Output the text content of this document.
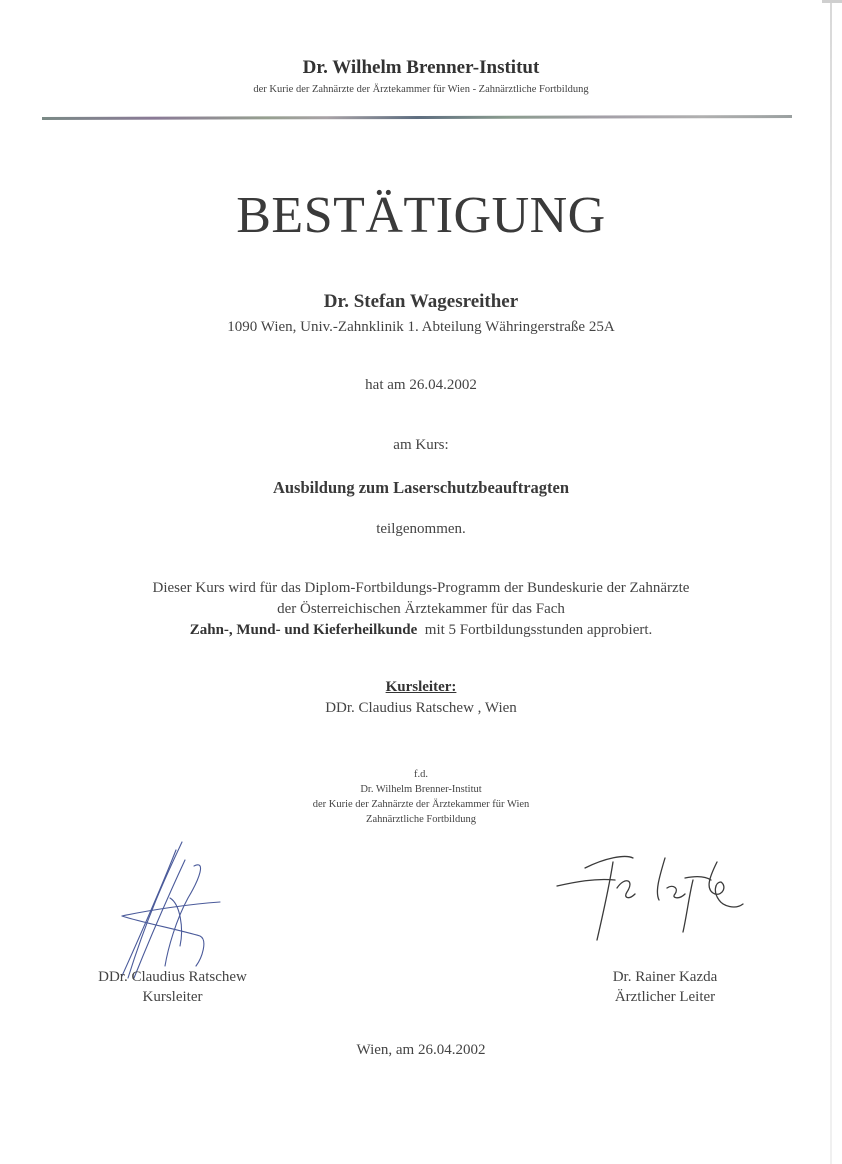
Dr. Wilhelm Brenner-Institut
der Kurie der Zahnärzte der Ärztekammer für Wien - Zahnärztliche Fortbildung
BESTÄTIGUNG
Dr. Stefan Wagesreither
1090 Wien, Univ.-Zahnklinik 1. Abteilung Währingerstraße 25A
hat am 26.04.2002
am Kurs:
Ausbildung zum Laserschutzbeauftragten
teilgenommen.
Dieser Kurs wird für das Diplom-Fortbildungs-Programm der Bundeskurie der Zahnärzte
der Österreichischen Ärztekammer für das Fach
Zahn-, Mund- und Kieferheilkunde  mit 5 Fortbildungsstunden approbiert.
Kursleiter:
DDr. Claudius Ratschew , Wien
f.d.
Dr. Wilhelm Brenner-Institut
der Kurie der Zahnärzte der Ärztekammer für Wien
Zahnärztliche Fortbildung
DDr. Claudius Ratschew
Kursleiter
Dr. Rainer Kazda
Ärztlicher Leiter
Wien, am 26.04.2002
